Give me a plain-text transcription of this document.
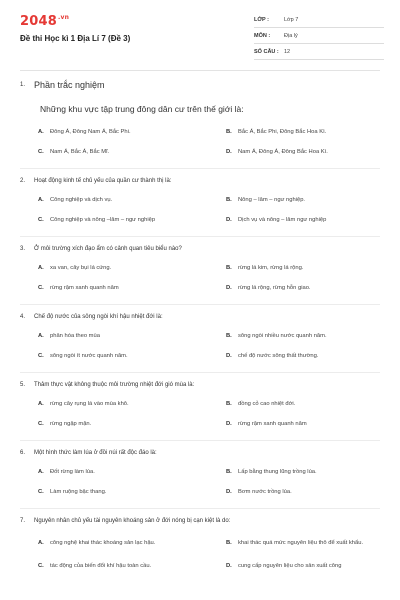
$2048^{.vn}$
Đề thi Học kì 1 Địa Lí 7 (Đề 3)
LỚP :	Lớp 7
MÔN :	Địa lý
SỐ CÂU : 12
1. Phần trắc nghiệm
Những khu vực tập trung đông dân cư trên thế giới là:
A.	Đông Á, Đông Nam Á, Bắc Phi.	B.	Bắc Á, Bắc Phi, Đông Bắc Hoa Kì.
C.	Nam Á, Bắc Á, Bắc Mĩ.	D.	Nam Á, Đông Á, Đông Bắc Hoa Kì.
2.	Hoạt động kinh tế chủ yếu của quần cư thành thị là:
A.	Công nghiệp và dịch vụ.	B.	Nông – lâm – ngư nghiệp.
C.	Công nghiệp và nông –lâm – ngư nghiệp	D.	Dịch vụ và nông – lâm ngư nghiệp
3.	Ở môi trường xích đạo ẩm có cảnh quan tiêu biểu nào?
A.	xa van, cây bụi lá cứng.	B.	rừng lá kim, rừng lá rộng.
C.	rừng rậm xanh quanh năm	D.	rừng lá rộng, rừng hỗn giao.
4.	Chế độ nước của sông ngòi khí hậu nhiệt đới là:
A.	phân hóa theo mùa	B.	sông ngòi nhiều nước quanh năm.
C.	sông ngòi ít nước quanh năm.	D.	chế độ nước sông thất thường.
5.	Thảm thực vật không thuộc môi trường nhiệt đới gió mùa là:
A.	rừng cây rụng lá vào mùa khô.	B.	đồng cỏ cao nhiệt đới.
C.	rừng ngập mặn.	D.	rừng rậm xanh quanh năm
6.	Một hình thức làm lúa ở đồi núi rất độc đáo là:
A.	Đốt rừng làm lúa.	B.	Lấp bằng thung lũng trồng lúa.
C.	Làm ruộng bậc thang.	D.	Bơm nước trồng lúa.
7.	Nguyên nhân chủ yếu tài nguyên khoáng sản ở đới nóng bị cạn kiệt là do:
A.	công nghệ khai thác khoáng sản lạc hậu.	B.	khai thác quá mức nguyên liệu thô để xuất khẩu.
C.	tác động của biến đổi khí hậu toàn cầu.	D.	cung cấp nguyên liệu cho sản xuất công
